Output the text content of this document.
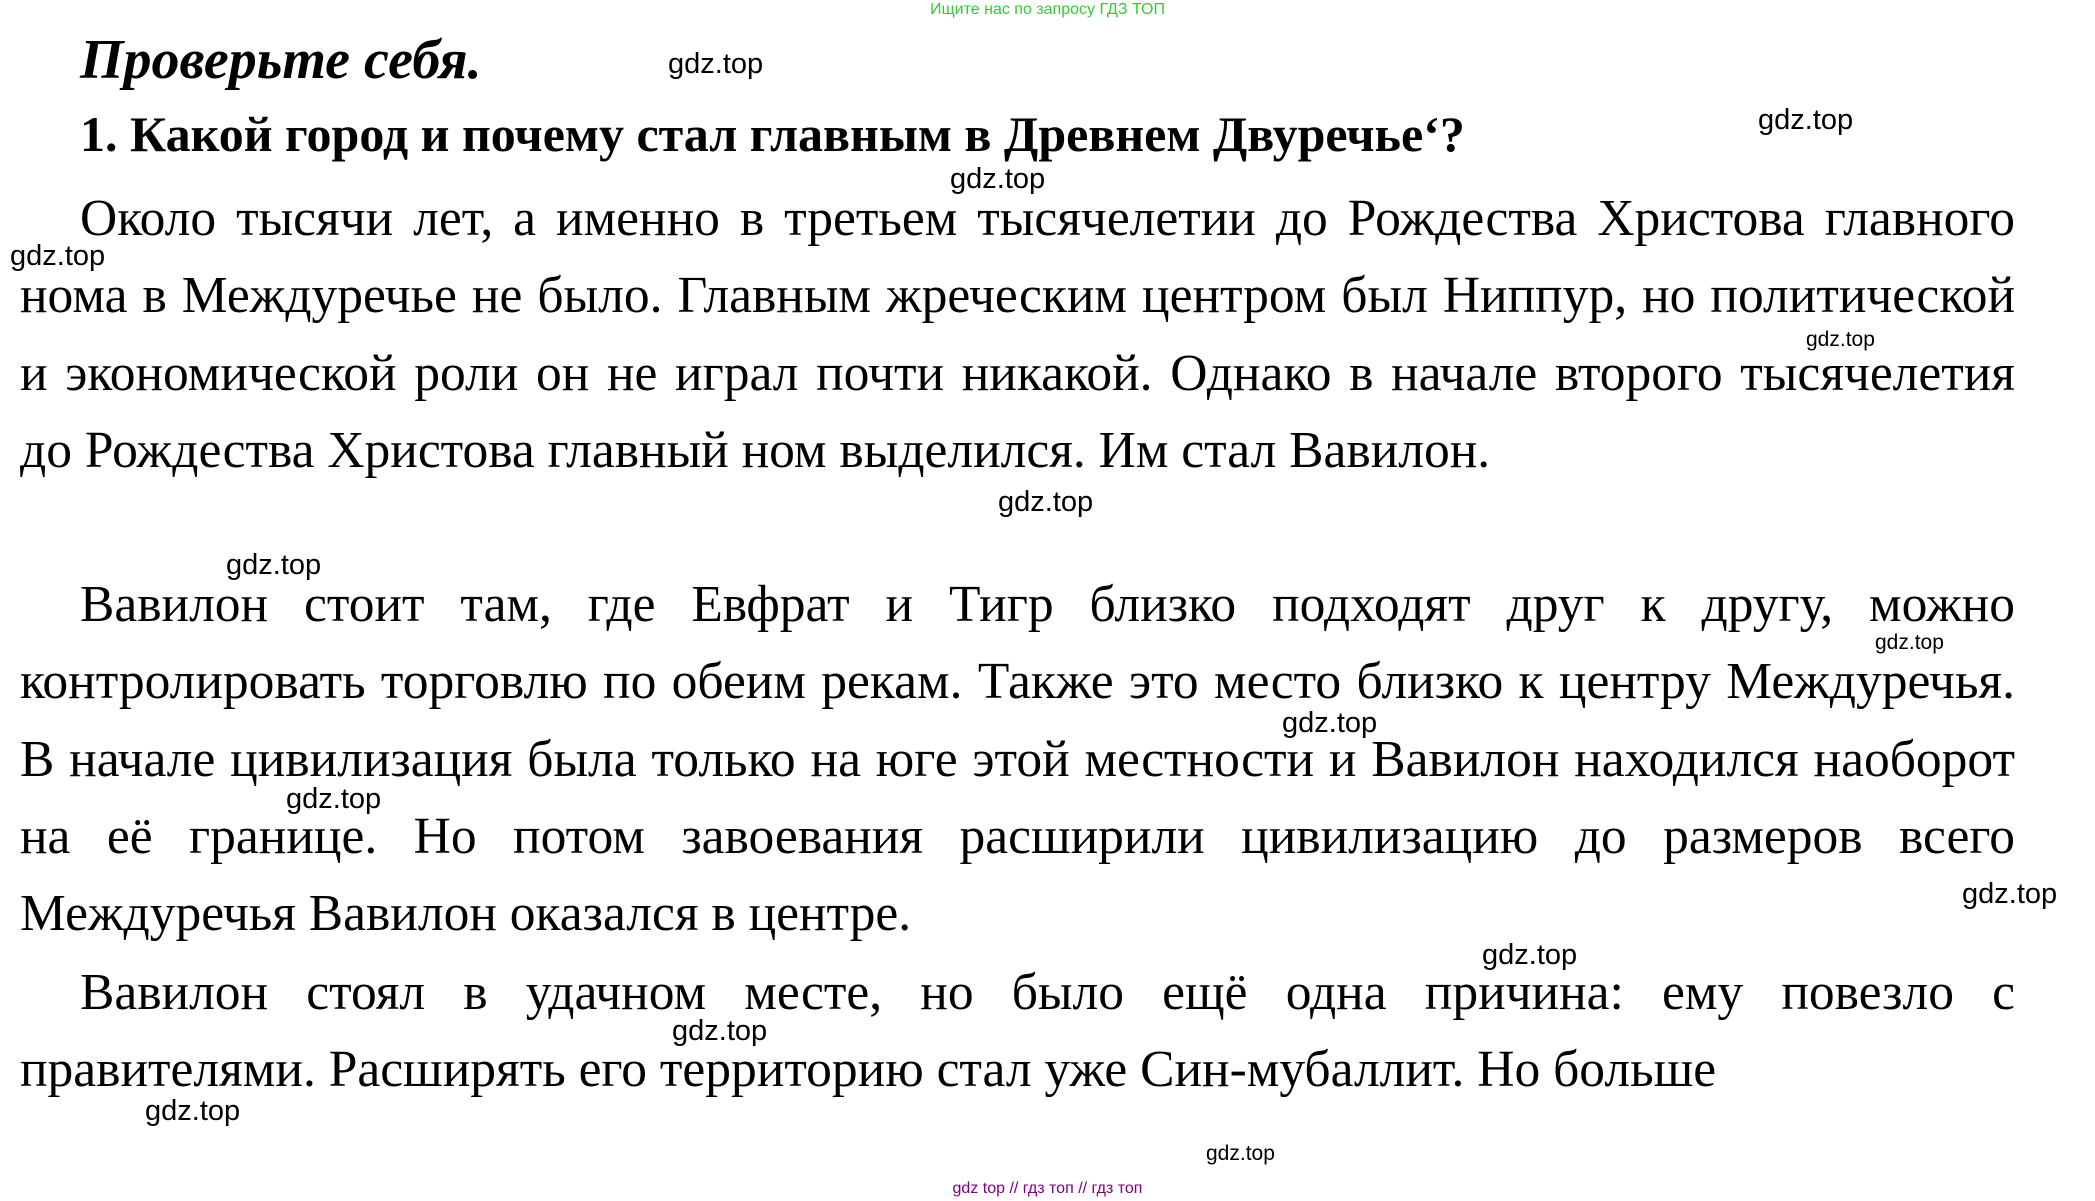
Ищите нас по запросу ГДЗ ТОП
Проверьте себя.
1. Какой город и почему стал главным в Древнем Двуречье‘?

Около тысячи лет, а именно в третьем тысячелетии до Рождества Христова главного нома в Междуречье не было. Главным жреческим центром был Ниппур, но политической и экономической роли он не играл почти никакой. Однако в начале второго тысячелетия до Рождества Христова главный ном выделился. Им стал Вавилон.

Вавилон стоит там, где Евфрат и Тигр близко подходят друг к другу, можно контролировать торговлю по обеим рекам. Также это место близко к центру Междуречья. В начале цивилизация была только на юге этой местности и Вавилон находился наоборот на её границе. Но потом завоевания расширили цивилизацию до размеров всего Междуречья Вавилон оказался в центре.

Вавилон стоял в удачном месте, но было ещё одна причина: ему повезло с правителями. Расширять его территорию стал уже Син-мубаллит. Но больше

gdz.top
gdz.top
gdz.top
gdz.top
gdz.top
gdz.top
gdz.top
gdz.top
gdz.top
gdz.top
gdz.top
gdz.top
gdz.top
gdz.top
gdz.top
gdz top // гдз топ // гдз топ
